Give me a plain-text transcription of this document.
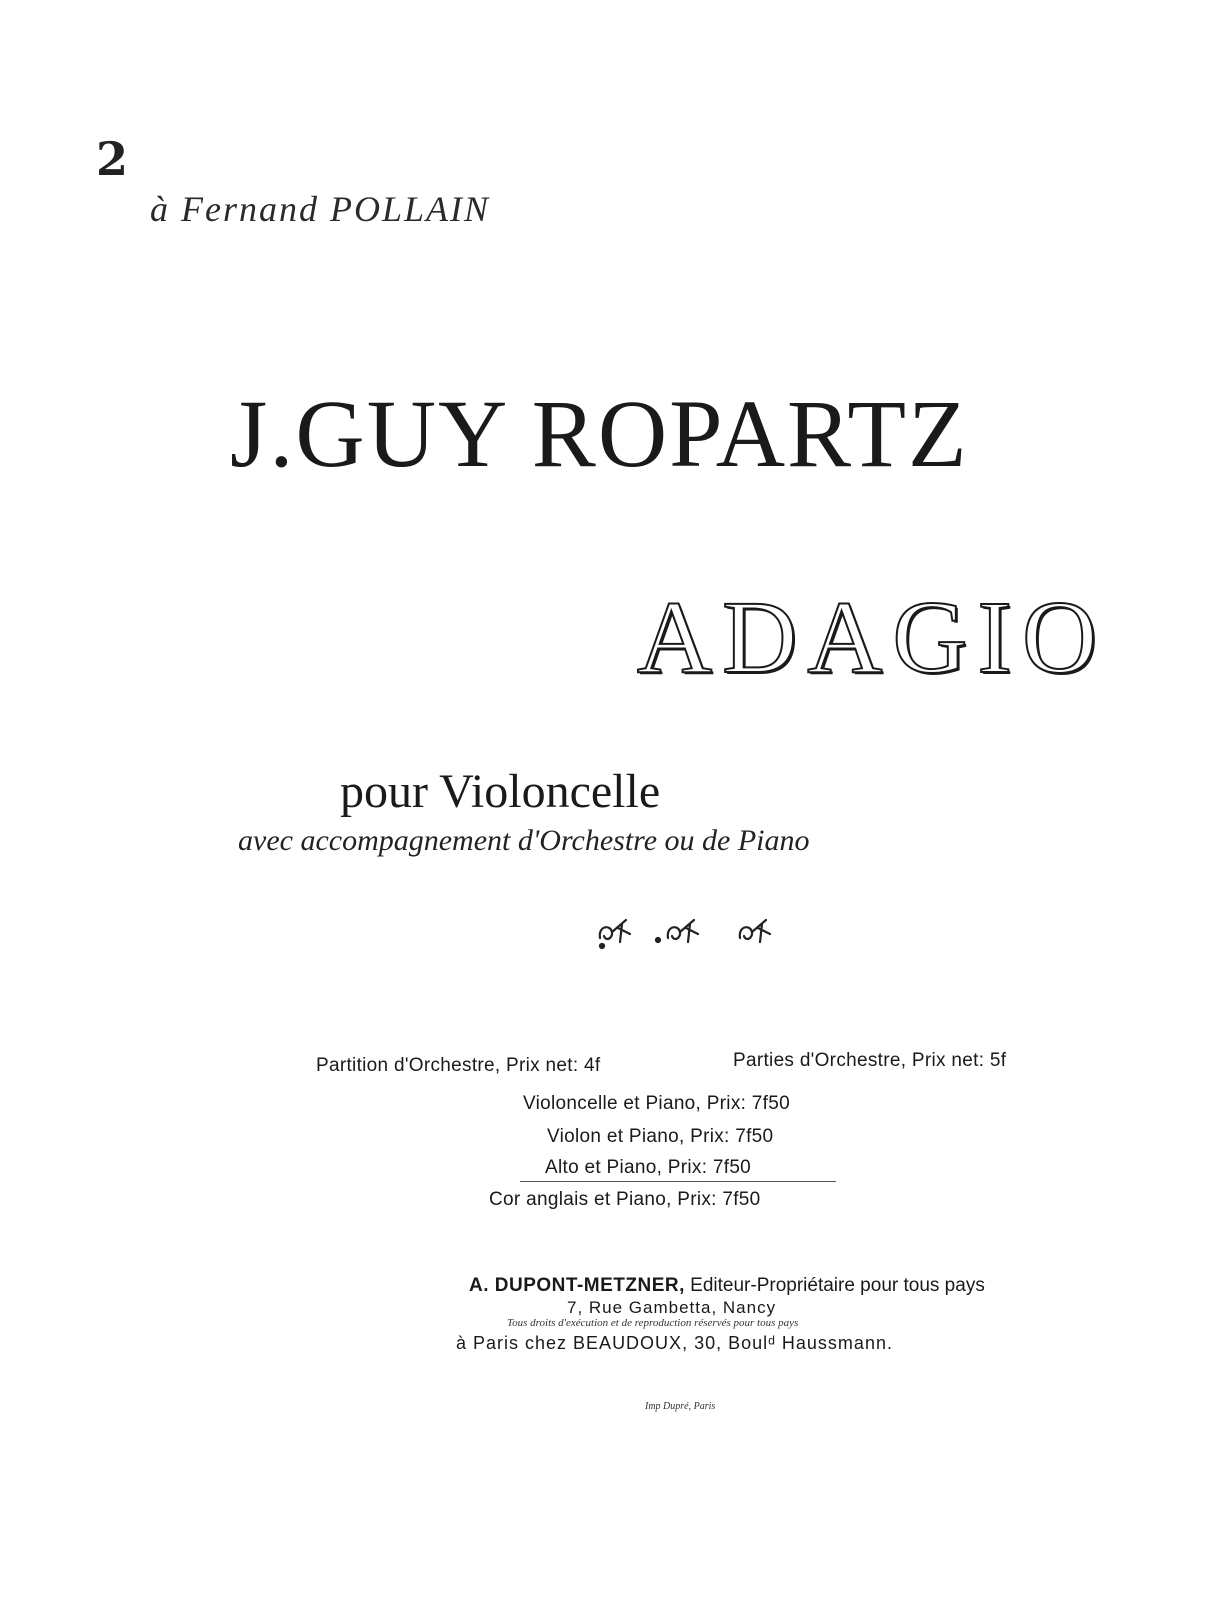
2
à Fernand POLLAIN
J.GUY ROPARTZ
ADAGIO
pour Violoncelle
avec accompagnement d'Orchestre ou de Piano
Partition d'Orchestre, Prix net: 4f	Parties d'Orchestre, Prix net: 5f
Violoncelle et Piano, Prix: 7f50
Violon et Piano, Prix: 7f50
Alto et Piano, Prix: 7f50
Cor anglais et Piano, Prix: 7f50
A. DUPONT-METZNER, Editeur-Propriétaire pour tous pays
7, Rue Gambetta, Nancy
Tous droits d'exécution et de reproduction réservés pour tous pays
à Paris chez BEAUDOUX, 30, Boulᵈ Haussmann.
Imp Dupré, Paris
